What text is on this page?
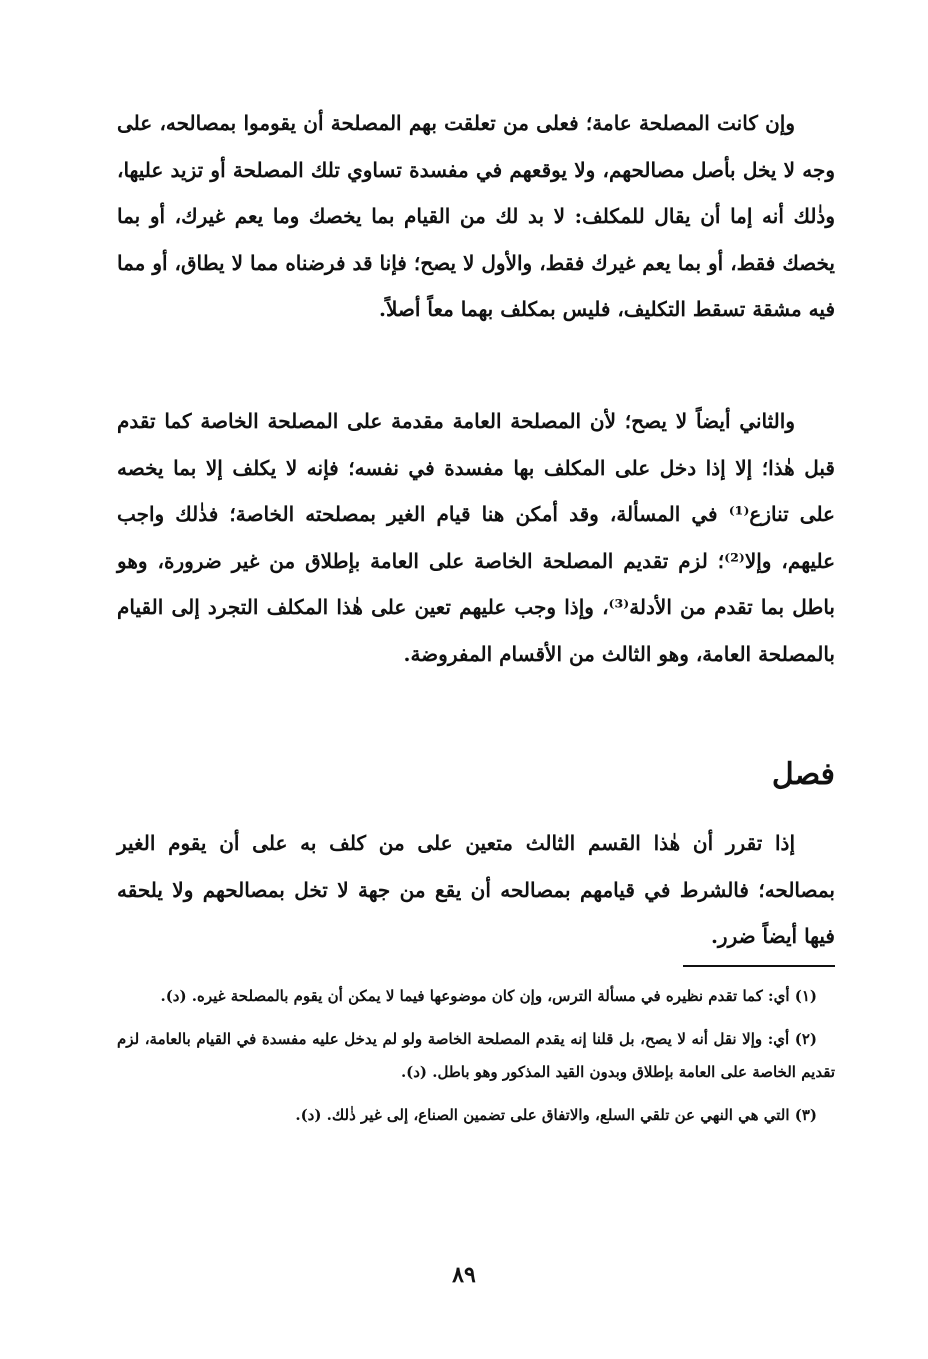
وإن كانت المصلحة عامة؛ فعلى من تعلقت بهم المصلحة أن يقوموا بمصالحه، على وجه لا يخل بأصل مصالحهم، ولا يوقعهم في مفسدة تساوي تلك المصلحة أو تزيد عليها، وذٰلك أنه إما أن يقال للمكلف: لا بد لك من القيام بما يخصك وما يعم غيرك، أو بما يخصك فقط، أو بما يعم غيرك فقط، والأول لا يصح؛ فإنا قد فرضناه مما لا يطاق، أو مما فيه مشقة تسقط التكليف، فليس بمكلف بهما معاً أصلاً.

والثاني أيضاً لا يصح؛ لأن المصلحة العامة مقدمة على المصلحة الخاصة كما تقدم قبل هٰذا؛ إلا إذا دخل على المكلف بها مفسدة في نفسه؛ فإنه لا يكلف إلا بما يخصه على تنازع⁽¹⁾ في المسألة، وقد أمكن هنا قيام الغير بمصلحته الخاصة؛ فذٰلك واجب عليهم، وإلا⁽²⁾؛ لزم تقديم المصلحة الخاصة على العامة بإطلاق من غير ضرورة، وهو باطل بما تقدم من الأدلة⁽³⁾، وإذا وجب عليهم تعين على هٰذا المكلف التجرد إلى القيام بالمصلحة العامة، وهو الثالث من الأقسام المفروضة.

فصل

إذا تقرر أن هٰذا القسم الثالث متعين على من كلف به على أن يقوم الغير بمصالحه؛ فالشرط في قيامهم بمصالحه أن يقع من جهة لا تخل بمصالحهم ولا يلحقه فيها أيضاً ضرر.

(١) أي: كما تقدم نظيره في مسألة الترس، وإن كان موضوعها فيما لا يمكن أن يقوم بالمصلحة غيره. (د).

(٢) أي: وإلا نقل أنه لا يصح، بل قلنا إنه يقدم المصلحة الخاصة ولو لم يدخل عليه مفسدة في القيام بالعامة، لزم تقديم الخاصة على العامة بإطلاق وبدون القيد المذكور وهو باطل. (د).

(٣) التي هي النهي عن تلقي السلع، والاتفاق على تضمين الصناع، إلى غير ذٰلك. (د).

٨٩
